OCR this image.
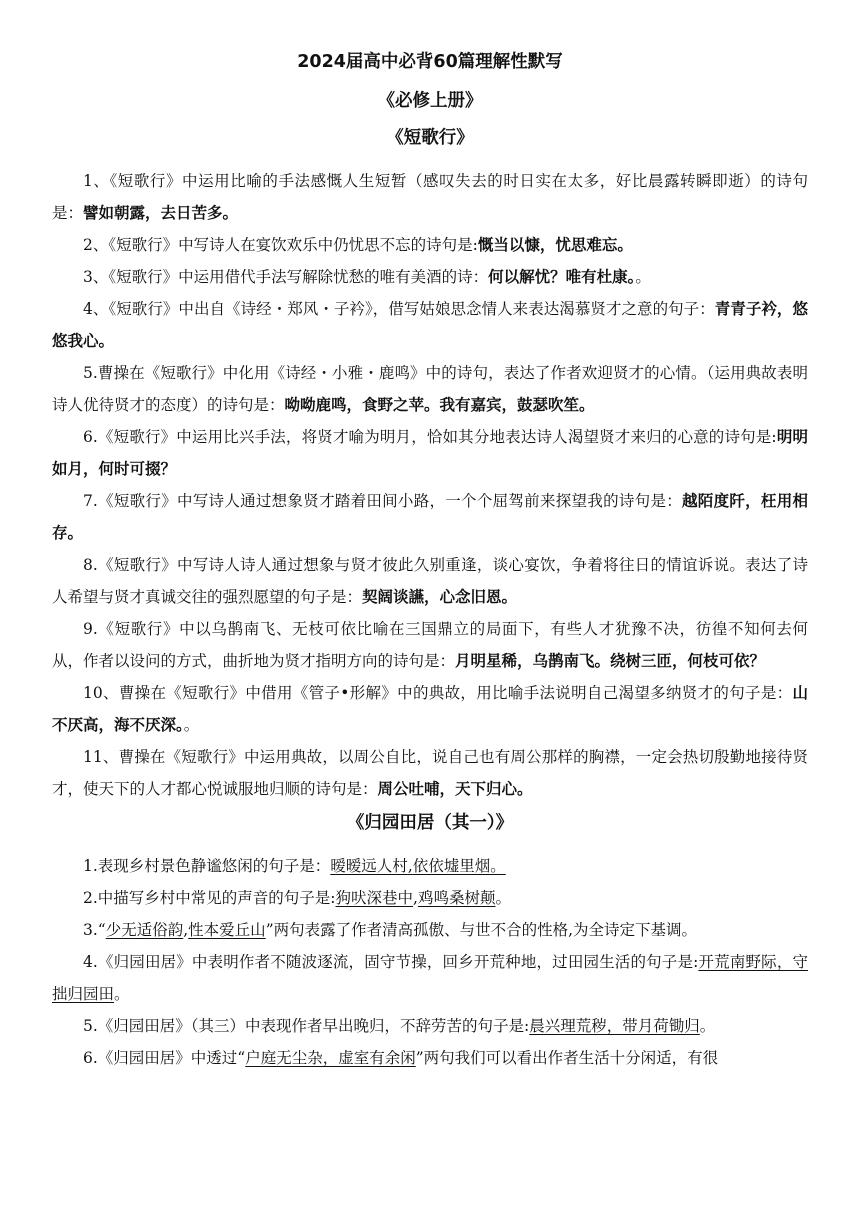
2024届高中必背60篇理解性默写
《必修上册》
《短歌行》

1、《短歌行》中运用比喻的手法感慨人生短暂（感叹失去的时日实在太多，好比晨露转瞬即逝）的诗句是：譬如朝露，去日苦多。

2、《短歌行》中写诗人在宴饮欢乐中仍忧思不忘的诗句是:慨当以慷，忧思难忘。

3、《短歌行》中运用借代手法写解除忧愁的唯有美酒的诗：何以解忧？唯有杜康。。

4、《短歌行》中出自《诗经・郑风・子衿》，借写姑娘思念情人来表达渴慕贤才之意的句子：青青子衿，悠悠我心。

5.曹操在《短歌行》中化用《诗经・小雅・鹿鸣》中的诗句，表达了作者欢迎贤才的心情。（运用典故表明诗人优待贤才的态度）的诗句是：呦呦鹿鸣，食野之苹。我有嘉宾，鼓瑟吹笙。

6.《短歌行》中运用比兴手法，将贤才喻为明月，恰如其分地表达诗人渴望贤才来归的心意的诗句是:明明如月，何时可掇？

7.《短歌行》中写诗人通过想象贤才踏着田间小路，一个个屈驾前来探望我的诗句是：越陌度阡，枉用相存。

8.《短歌行》中写诗人诗人通过想象与贤才彼此久别重逢，谈心宴饮，争着将往日的情谊诉说。表达了诗人希望与贤才真诚交往的强烈愿望的句子是：契阔谈讌，心念旧恩。

9.《短歌行》中以乌鹊南飞、无枝可依比喻在三国鼎立的局面下，有些人才犹豫不决，彷徨不知何去何从，作者以设问的方式，曲折地为贤才指明方向的诗句是：月明星稀，乌鹊南飞。绕树三匝，何枝可依？

10、曹操在《短歌行》中借用《管子•形解》中的典故，用比喻手法说明自己渴望多纳贤才的句子是：山不厌高，海不厌深。。

11、曹操在《短歌行》中运用典故，以周公自比，说自己也有周公那样的胸襟，一定会热切殷勤地接待贤才，使天下的人才都心悦诚服地归顺的诗句是：周公吐哺，天下归心。

《归园田居（其一）》

1.表现乡村景色静谧悠闲的句子是：暧暧远人村,依依墟里烟。

2.中描写乡村中常见的声音的句子是:狗吠深巷中,鸡鸣桑树颠。

3.“少无适俗韵,性本爱丘山”两句表露了作者清高孤傲、与世不合的性格,为全诗定下基调。

4.《归园田居》中表明作者不随波逐流，固守节操，回乡开荒种地，过田园生活的句子是:开荒南野际，守拙归园田。

5.《归园田居》（其三）中表现作者早出晚归，不辞劳苦的句子是:晨兴理荒秽，带月荷锄归。

6.《归园田居》中透过“户庭无尘杂，虚室有余闲”两句我们可以看出作者生活十分闲适，有很
